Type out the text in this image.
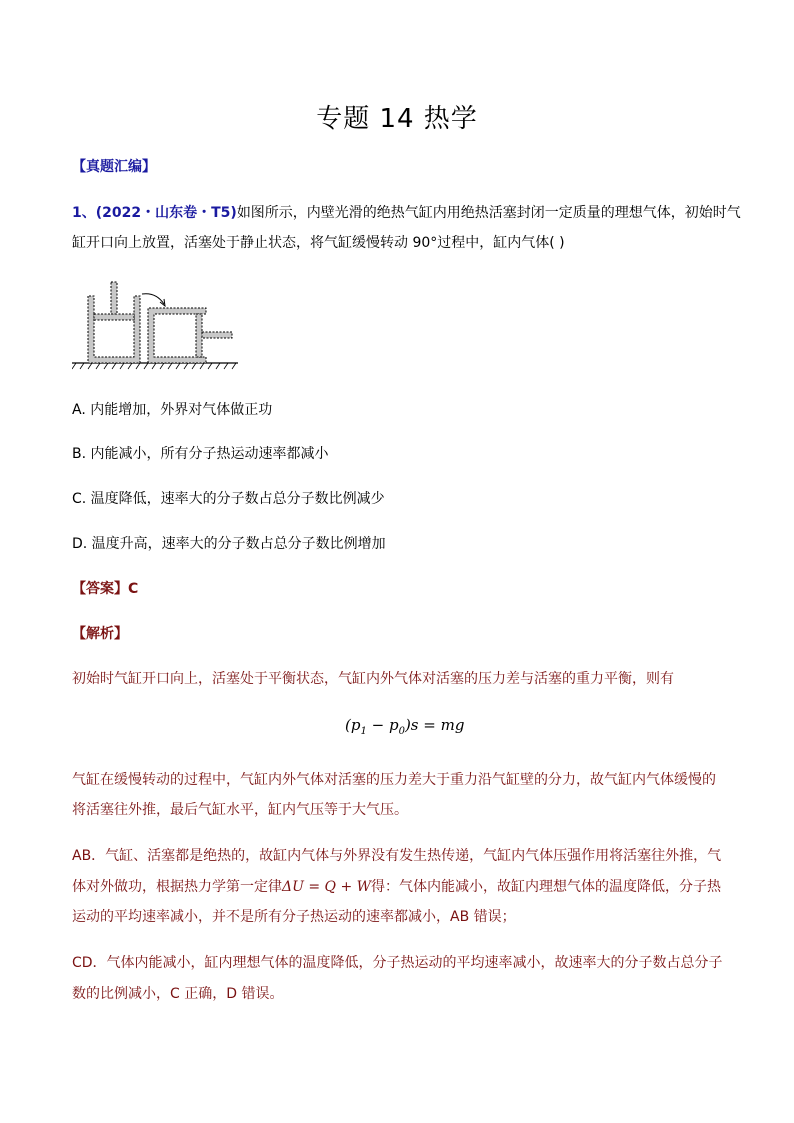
专题 14 热学
【真题汇编】
1、(2022・山东卷・T5)如图所示，内壁光滑的绝热气缸内用绝热活塞封闭一定质量的理想气体，初始时气
缸开口向上放置，活塞处于静止状态，将气缸缓慢转动 90°过程中，缸内气体( )
A. 内能增加，外界对气体做正功
B. 内能减小，所有分子热运动速率都减小
C. 温度降低，速率大的分子数占总分子数比例减少
D. 温度升高，速率大的分子数占总分子数比例增加
【答案】C
【解析】
初始时气缸开口向上，活塞处于平衡状态，气缸内外气体对活塞的压力差与活塞的重力平衡，则有
$(p_1 - p_0)s$ = mg
气缸在缓慢转动的过程中，气缸内外气体对活塞的压力差大于重力沿气缸壁的分力，故气缸内气体缓慢的
将活塞往外推，最后气缸水平，缸内气压等于大气压。
AB．气缸、活塞都是绝热的，故缸内气体与外界没有发生热传递，气缸内气体压强作用将活塞往外推，气
体对外做功，根据热力学第一定律ΔU = Q + W得：气体内能减小，故缸内理想气体的温度降低，分子热
运动的平均速率减小，并不是所有分子热运动的速率都减小，AB 错误；
CD．气体内能减小，缸内理想气体的温度降低，分子热运动的平均速率减小，故速率大的分子数占总分子
数的比例减小，C 正确，D 错误。
